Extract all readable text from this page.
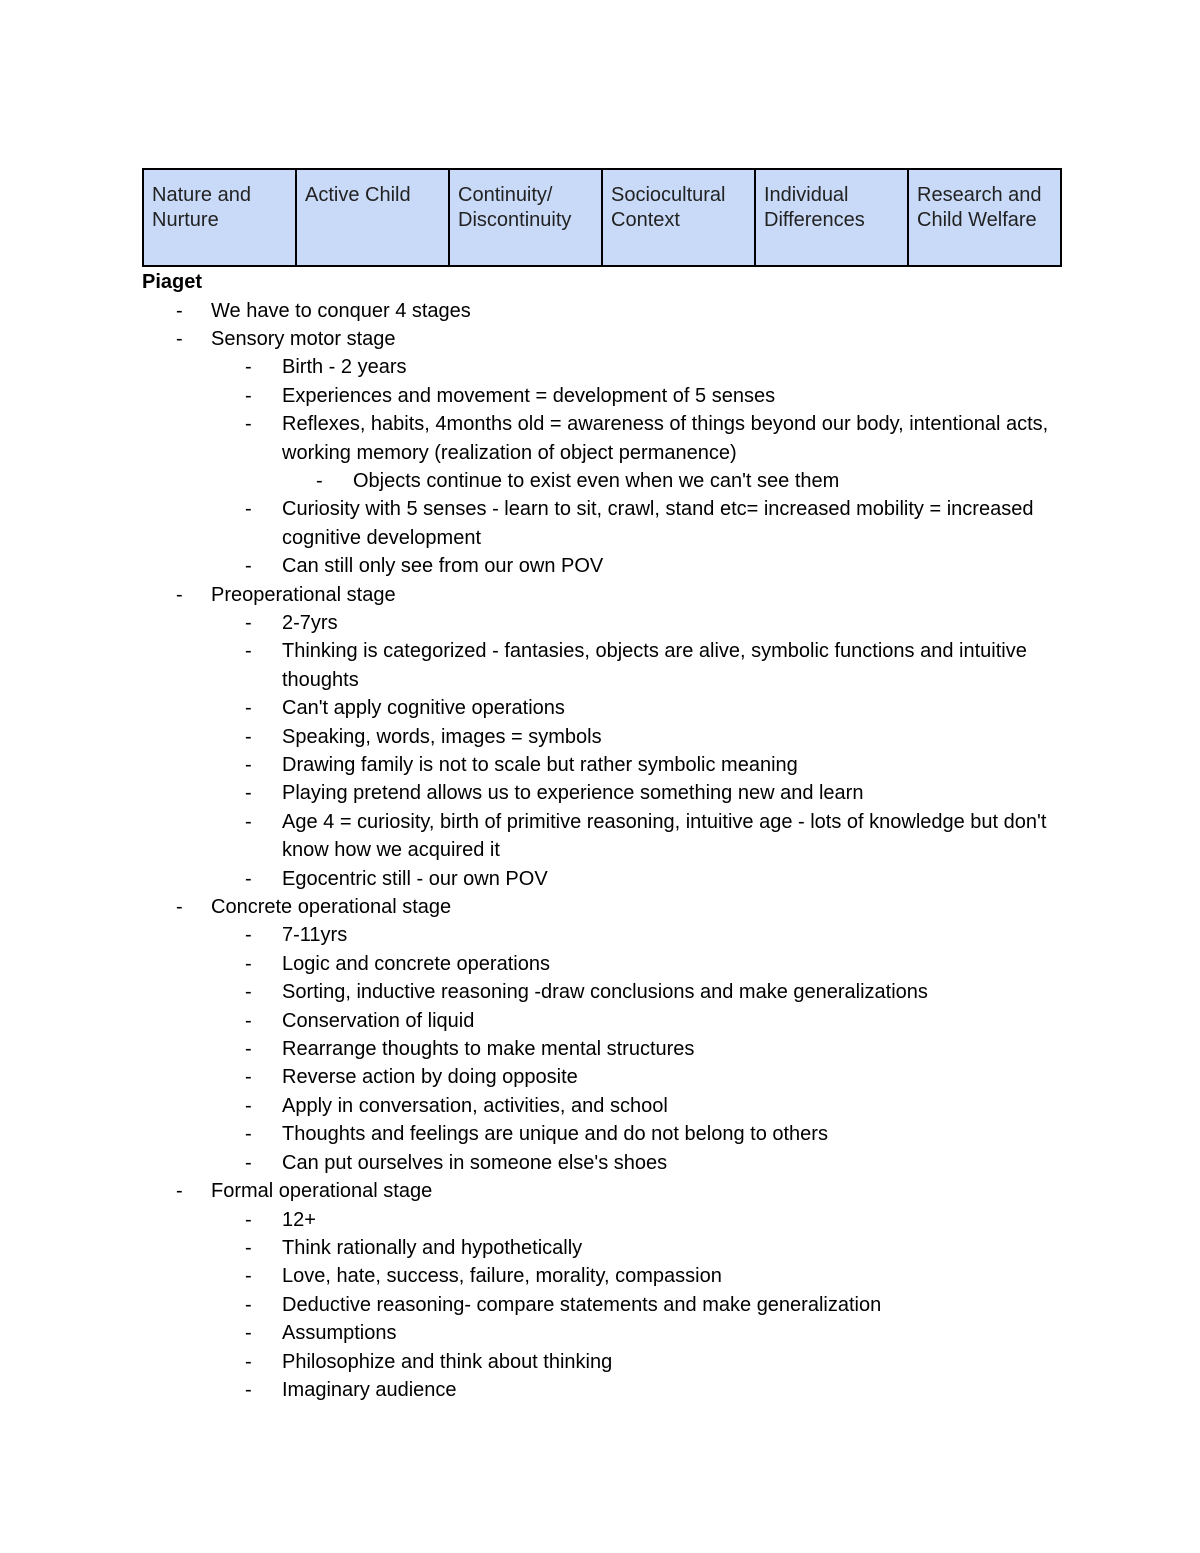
Nature and Nurture	Active Child	Continuity/ Discontinuity	Sociocultural Context	Individual Differences	Research and Child Welfare

Piaget

- We have to conquer 4 stages
- Sensory motor stage
- Birth - 2 years
- Experiences and movement = development of 5 senses
- Reflexes, habits, 4months old = awareness of things beyond our body, intentional acts, working memory (realization of object permanence)
- Objects continue to exist even when we can't see them
- Curiosity with 5 senses - learn to sit, crawl, stand etc= increased mobility = increased cognitive development
- Can still only see from our own POV
- Preoperational stage
- 2-7yrs
- Thinking is categorized - fantasies, objects are alive, symbolic functions and intuitive thoughts
- Can't apply cognitive operations
- Speaking, words, images = symbols
- Drawing family is not to scale but rather symbolic meaning
- Playing pretend allows us to experience something new and learn
- Age 4 = curiosity, birth of primitive reasoning, intuitive age - lots of knowledge but don't know how we acquired it
- Egocentric still - our own POV
- Concrete operational stage
- 7-11yrs
- Logic and concrete operations
- Sorting, inductive reasoning -draw conclusions and make generalizations
- Conservation of liquid
- Rearrange thoughts to make mental structures
- Reverse action by doing opposite
- Apply in conversation, activities, and school
- Thoughts and feelings are unique and do not belong to others
- Can put ourselves in someone else's shoes
- Formal operational stage
- 12+
- Think rationally and hypothetically
- Love, hate, success, failure, morality, compassion
- Deductive reasoning- compare statements and make generalization
- Assumptions
- Philosophize and think about thinking
- Imaginary audience
